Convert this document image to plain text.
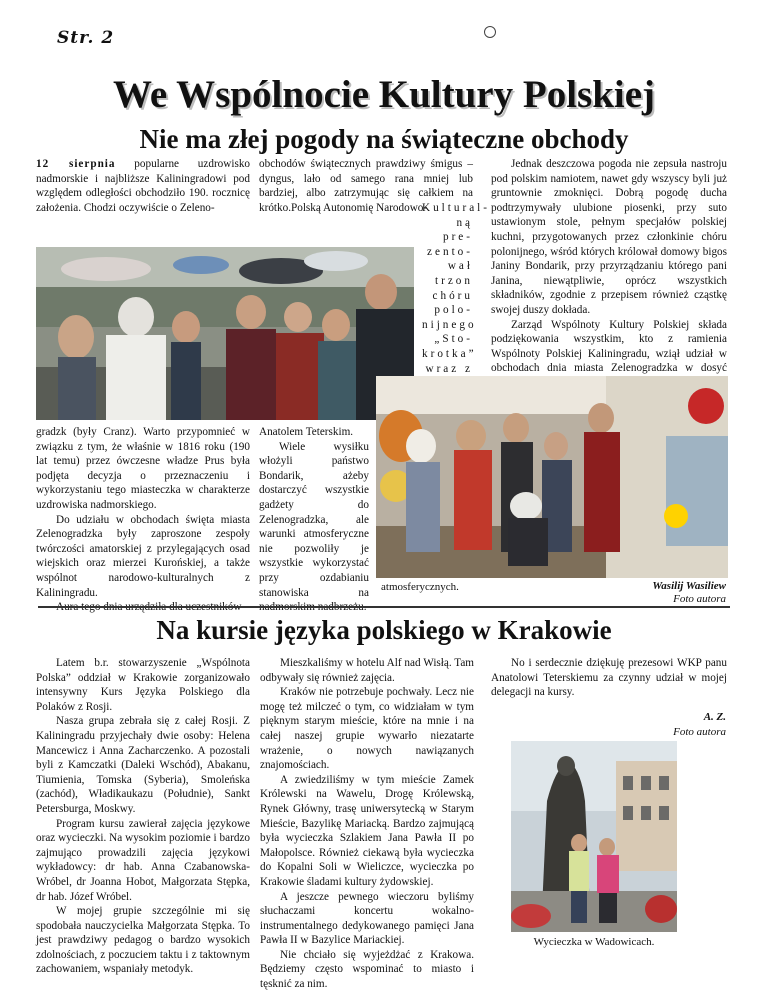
Str. 2
We Wspólnocie Kultury Polskiej
Nie ma złej pogody na świąteczne obchody

12 sierpnia popularne uzdrowisko nadmorskie i najbliższe Kaliningradowi pod względem odległości obchodziło 190. rocznicę założenia. Chodzi oczywiście o Zeleno-

obchodów świątecznych prawdziwy śmigus – dyngus, lało od samego rana mniej lub bardziej, albo zatrzymując się całkiem na krótko.Polską Autonomię Narodowo-

Kultural-

ną pre-

zento-

wał

trzon

chóru

polo-

nijnego

„Sto-

krotka”

wraz z

Jednak deszczowa pogoda nie zepsuła nastroju pod polskim namiotem, nawet gdy wszyscy byli już gruntownie zmoknięci. Dobrą pogodę ducha podtrzymywały ulubione piosenki, przy suto ustawionym stole, pełnym specjałów polskiej kuchni, przygotowanych przez członkinie chóru polonijnego, wśród których królował domowy bigos Janiny Bondarik, przy przyrządzaniu którego pani Janina, niewątpliwie, oprócz wszystkich składników, zgodnie z przepisem również cząstkę swojej duszy dokłada.

Zarząd Wspólnoty Kultury Polskiej składa podziękowania wszystkim, kto z ramienia Wspólnoty Polskiej Kaliningradu, wziął udział w obchodach dnia miasta Zelenogradzka w dosyć

gradzk (były Cranz). Warto przypomnieć w związku z tym, że właśnie w 1816 roku (190 lat temu) przez ówczesne władze Prus była podjęta decyzja o przeznaczeniu i wykorzystaniu tego miasteczka w charakterze uzdrowiska nadmorskiego.

Do udziału w obchodach święta miasta Zelenogradzka były zaproszone zespoły twórczości amatorskiej z przylegających osad wiejskich oraz mierzei Kurońskiej, a także wspólnot narodowo-kulturalnych z Kaliningradu.

Aura tego dnia urządziła dla uczestników

Anatolem Teterskim.

Wiele wysiłku włożyli państwo Bondarik, ażeby dostarczyć wszystkie gadżety do Zelenogradzka, ale warunki atmosferyczne nie pozwoliły je wszystkie wykorzystać przy ozdabianiu stanowiska na nadmorskim nadbrzeżu.

atmosferycznych.	Wasilij Wasiliew
Foto autora
Na kursie języka polskiego w Krakowie

Latem b.r. stowarzyszenie „Wspólnota Polska” oddział w Krakowie zorganizowało intensywny Kurs Języka Polskiego dla Polaków z Rosji.

Nasza grupa zebrała się z całej Rosji. Z Kaliningradu przyjechały dwie osoby: Helena Mancewicz i Anna Zacharczenko. A pozostali byli z Kamczatki (Daleki Wschód), Abakanu, Tiumienia, Tomska (Syberia), Smoleńska (zachód), Władikaukazu (Południe), Sankt Petersburga, Moskwy.

Program kursu zawierał zajęcia językowe oraz wycieczki. Na wysokim poziomie i bardzo zajmująco prowadzili zajęcia językowi wykładowcy: dr hab. Anna Czabanowska-Wróbel, dr Joanna Hobot, Małgorzata Stępka, dr hab. Józef Wróbel.

W mojej grupie szczególnie mi się spodobała nauczycielka Małgorzata Stępka. To jest prawdziwy pedagog o bardzo wysokich zdolnościach, z poczuciem taktu i z taktownym zachowaniem, wspaniały metodyk.

Mieszkaliśmy w hotelu Alf nad Wisłą. Tam odbywały się również zajęcia.

Kraków nie potrzebuje pochwały. Lecz nie mogę też milczeć o tym, co widziałam w tym pięknym starym mieście, które na mnie i na całej naszej grupie wywarło niezatarte wrażenie, o nowych nawiązanych znajomościach.

A zwiedziliśmy w tym mieście Zamek Królewski na Wawelu, Drogę Królewską, Rynek Główny, trasę uniwersytecką w Starym Mieście, Bazylikę Mariacką. Bardzo zajmującą była wycieczka Szlakiem Jana Pawła II po Małopolsce. Również ciekawą była wycieczka do Kopalni Soli w Wieliczce, wycieczka po Krakowie śladami kultury żydowskiej.

A jeszcze pewnego wieczoru byliśmy słuchaczami koncertu wokalno-instrumentalnego dedykowanego pamięci Jana Pawła II w Bazylice Mariackiej.

Nie chciało się wyjeżdżać z Krakowa. Będziemy często wspominać to miasto i tęsknić za nim.

No i serdecznie dziękuję prezesowi WKP panu Anatolowi Teterskiemu za czynny udział w mojej delegacji na kursy.

A. Z.
Foto autora
Wycieczka w Wadowicach.
